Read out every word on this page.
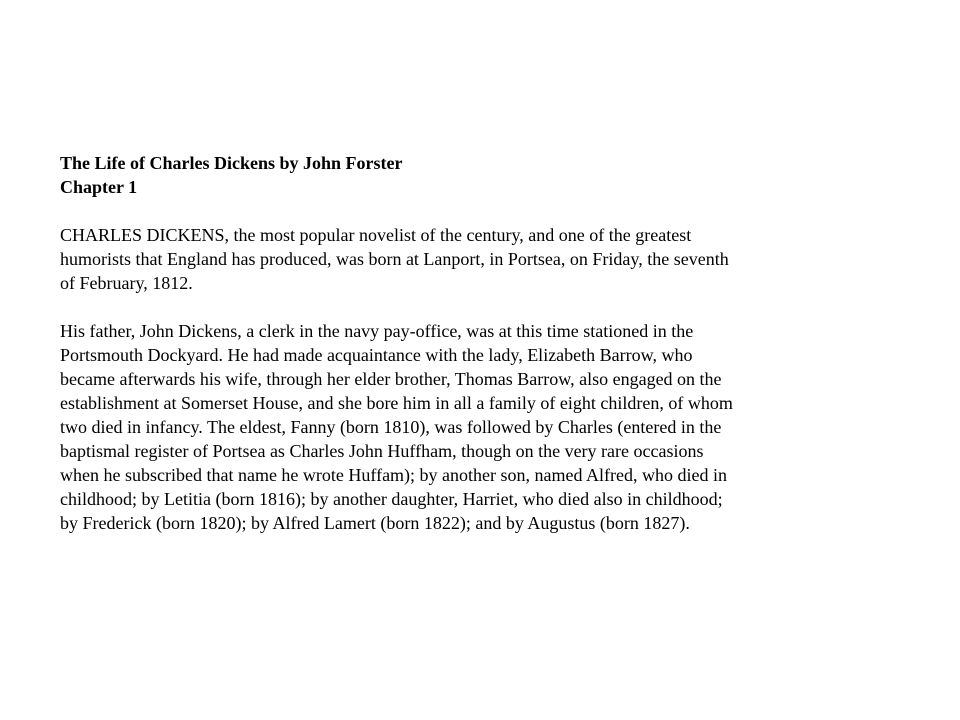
The Life of Charles Dickens by John Forster
Chapter 1

CHARLES DICKENS, the most popular novelist of the century, and one of the greatest
humorists that England has produced, was born at Lanport, in Portsea, on Friday, the seventh
of February, 1812.

His father, John Dickens, a clerk in the navy pay-office, was at this time stationed in the
Portsmouth Dockyard. He had made acquaintance with the lady, Elizabeth Barrow, who
became afterwards his wife, through her elder brother, Thomas Barrow, also engaged on the
establishment at Somerset House, and she bore him in all a family of eight children, of whom
two died in infancy. The eldest, Fanny (born 1810), was followed by Charles (entered in the
baptismal register of Portsea as Charles John Huffham, though on the very rare occasions
when he subscribed that name he wrote Huffam); by another son, named Alfred, who died in
childhood; by Letitia (born 1816); by another daughter, Harriet, who died also in childhood;
by Frederick (born 1820); by Alfred Lamert (born 1822); and by Augustus (born 1827).
